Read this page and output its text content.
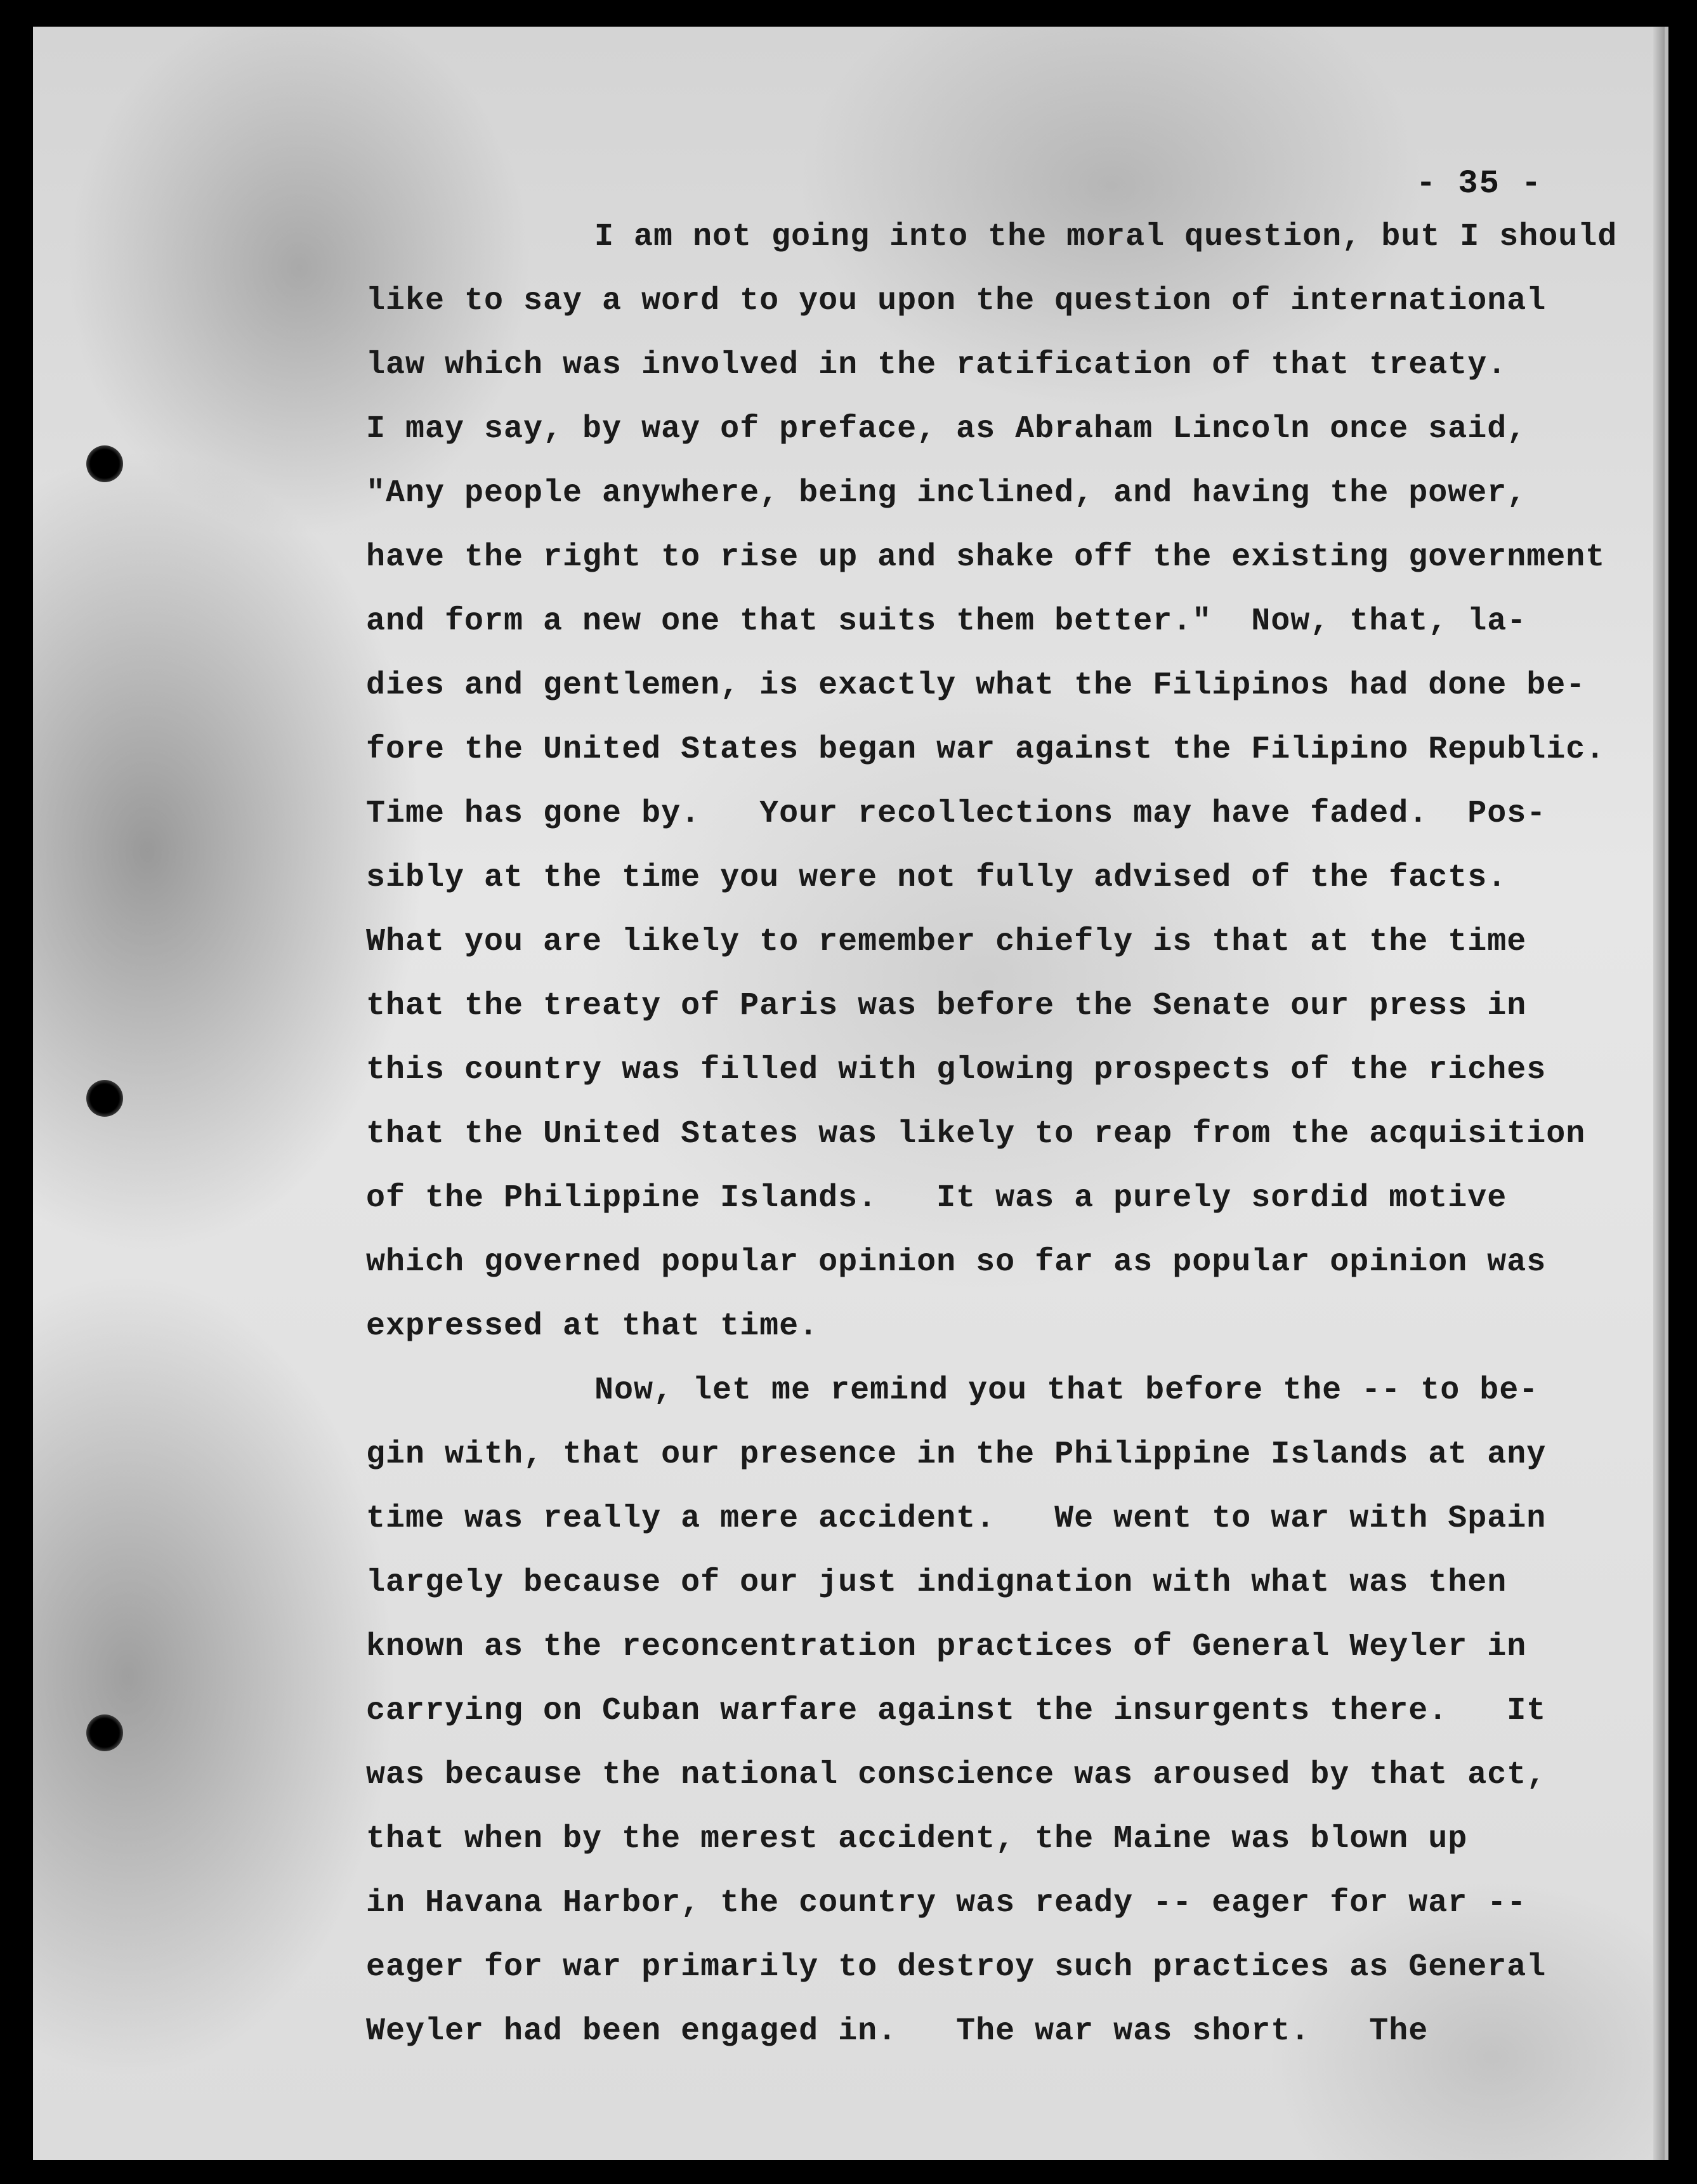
- 35 -

I am not going into the moral question, but I should

like to say a word to you upon the question of international

law which was involved in the ratification of that treaty.

I may say, by way of preface, as Abraham Lincoln once said,

"Any people anywhere, being inclined, and having the power,

have the right to rise up and shake off the existing government

and form a new one that suits them better."  Now, that, la-

dies and gentlemen, is exactly what the Filipinos had done be-

fore the United States began war against the Filipino Republic.

Time has gone by.   Your recollections may have faded.  Pos-

sibly at the time you were not fully advised of the facts.

What you are likely to remember chiefly is that at the time

that the treaty of Paris was before the Senate our press in

this country was filled with glowing prospects of the riches

that the United States was likely to reap from the acquisition

of the Philippine Islands.   It was a purely sordid motive

which governed popular opinion so far as popular opinion was

expressed at that time.

Now, let me remind you that before the -- to be-

gin with, that our presence in the Philippine Islands at any

time was really a mere accident.   We went to war with Spain

largely because of our just indignation with what was then

known as the reconcentration practices of General Weyler in

carrying on Cuban warfare against the insurgents there.   It

was because the national conscience was aroused by that act,

that when by the merest accident, the Maine was blown up

in Havana Harbor, the country was ready -- eager for war --

eager for war primarily to destroy such practices as General

Weyler had been engaged in.   The war was short.   The
